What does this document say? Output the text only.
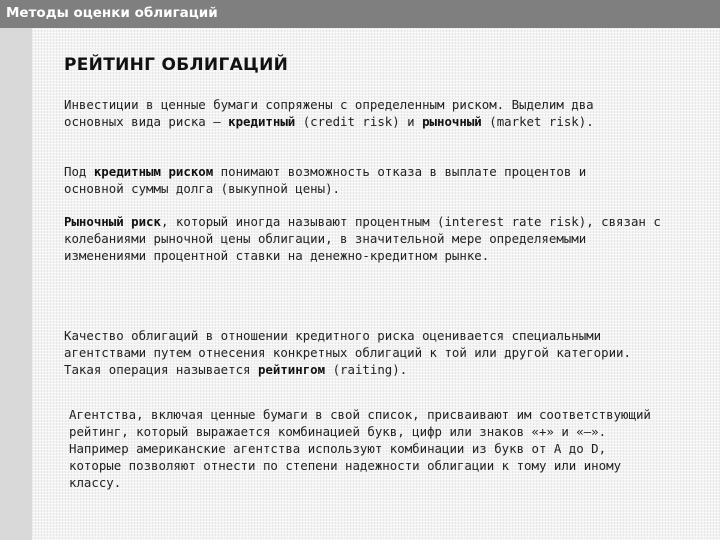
Методы оценки облигаций
РЕЙТИНГ ОБЛИГАЦИЙ

Инвестиции в ценные бумаги сопряжены с определенным риском. Выделим два
основных вида риска — кредитный (credit risk) и рыночный (market risk).

Под кредитным риском понимают возможность отказа в выплате процентов и
основной суммы долга (выкупной цены).

Рыночный риск, который иногда называют процентным (interest rate risk), связан с
колебаниями рыночной цены облигации, в значительной мере определяемыми
изменениями процентной ставки на денежно-кредитном рынке.

Качество облигаций в отношении кредитного риска оценивается специальными
агентствами путем отнесения конкретных облигаций к той или другой категории.
Такая операция называется рейтингом (raiting).

Агентства, включая ценные бумаги в свой список, присваивают им соответствующий
рейтинг, который выражается комбинацией букв, цифр или знаков «+» и «—».
Например американские агентства используют комбинации из букв от А до D,
которые позволяют отнести по степени надежности облигации к тому или иному
классу.
